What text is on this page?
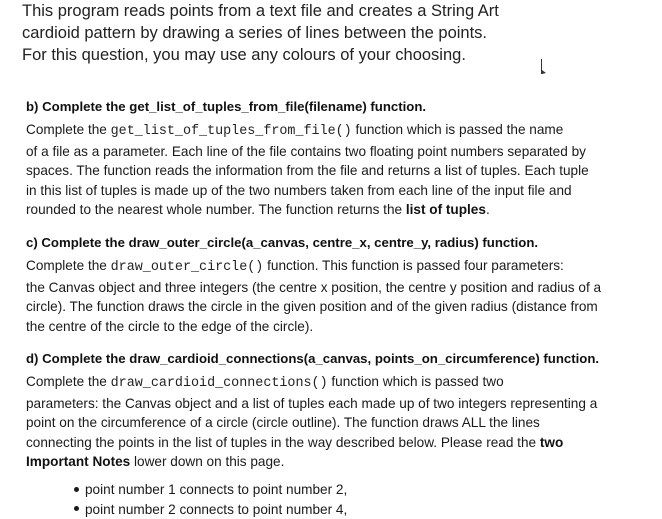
This program reads points from a text file and creates a String Art
cardioid pattern by drawing a series of lines between the points.
For this question, you may use any colours of your choosing.
b) Complete the get_list_of_tuples_from_file(filename) function.
Complete the get_list_of_tuples_from_file() function which is passed the name
of a file as a parameter. Each line of the file contains two floating point numbers separated by
spaces. The function reads the information from the file and returns a list of tuples. Each tuple
in this list of tuples is made up of the two numbers taken from each line of the input file and
rounded to the nearest whole number. The function returns the list of tuples.
c) Complete the draw_outer_circle(a_canvas, centre_x, centre_y, radius) function.
Complete the draw_outer_circle() function. This function is passed four parameters:
the Canvas object and three integers (the centre x position, the centre y position and radius of a
circle). The function draws the circle in the given position and of the given radius (distance from
the centre of the circle to the edge of the circle).
d) Complete the draw_cardioid_connections(a_canvas, points_on_circumference) function.
Complete the draw_cardioid_connections() function which is passed two
parameters: the Canvas object and a list of tuples each made up of two integers representing a
point on the circumference of a circle (circle outline). The function draws ALL the lines
connecting the points in the list of tuples in the way described below. Please read the two
Important Notes lower down on this page.
point number 1 connects to point number 2,
point number 2 connects to point number 4,
